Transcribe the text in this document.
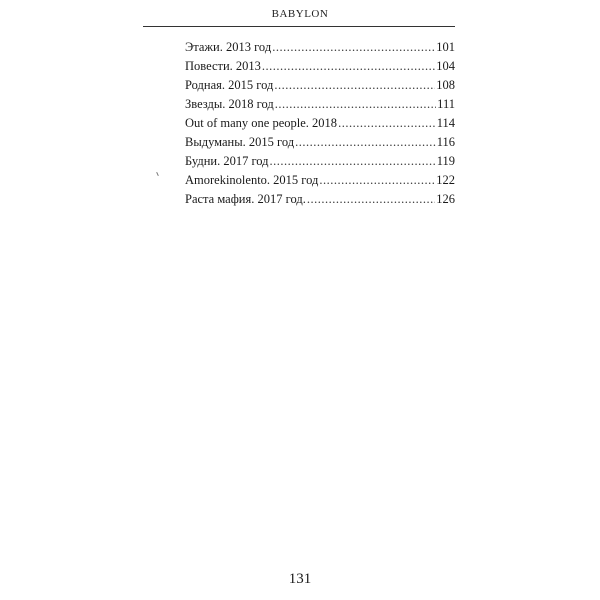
BABYLON
Этажи. 2013 год .....	101
Повести. 2013 .....	104
Родная. 2015 год .....	108
Звезды. 2018 год .....	111
Out of many one people. 2018 .....	114
Выдуманы. 2015 год .....	116
Будни. 2017 год .....	119
Amorekinolento. 2015 год .....	122
Раста мафия. 2017 год. .....	126
131
